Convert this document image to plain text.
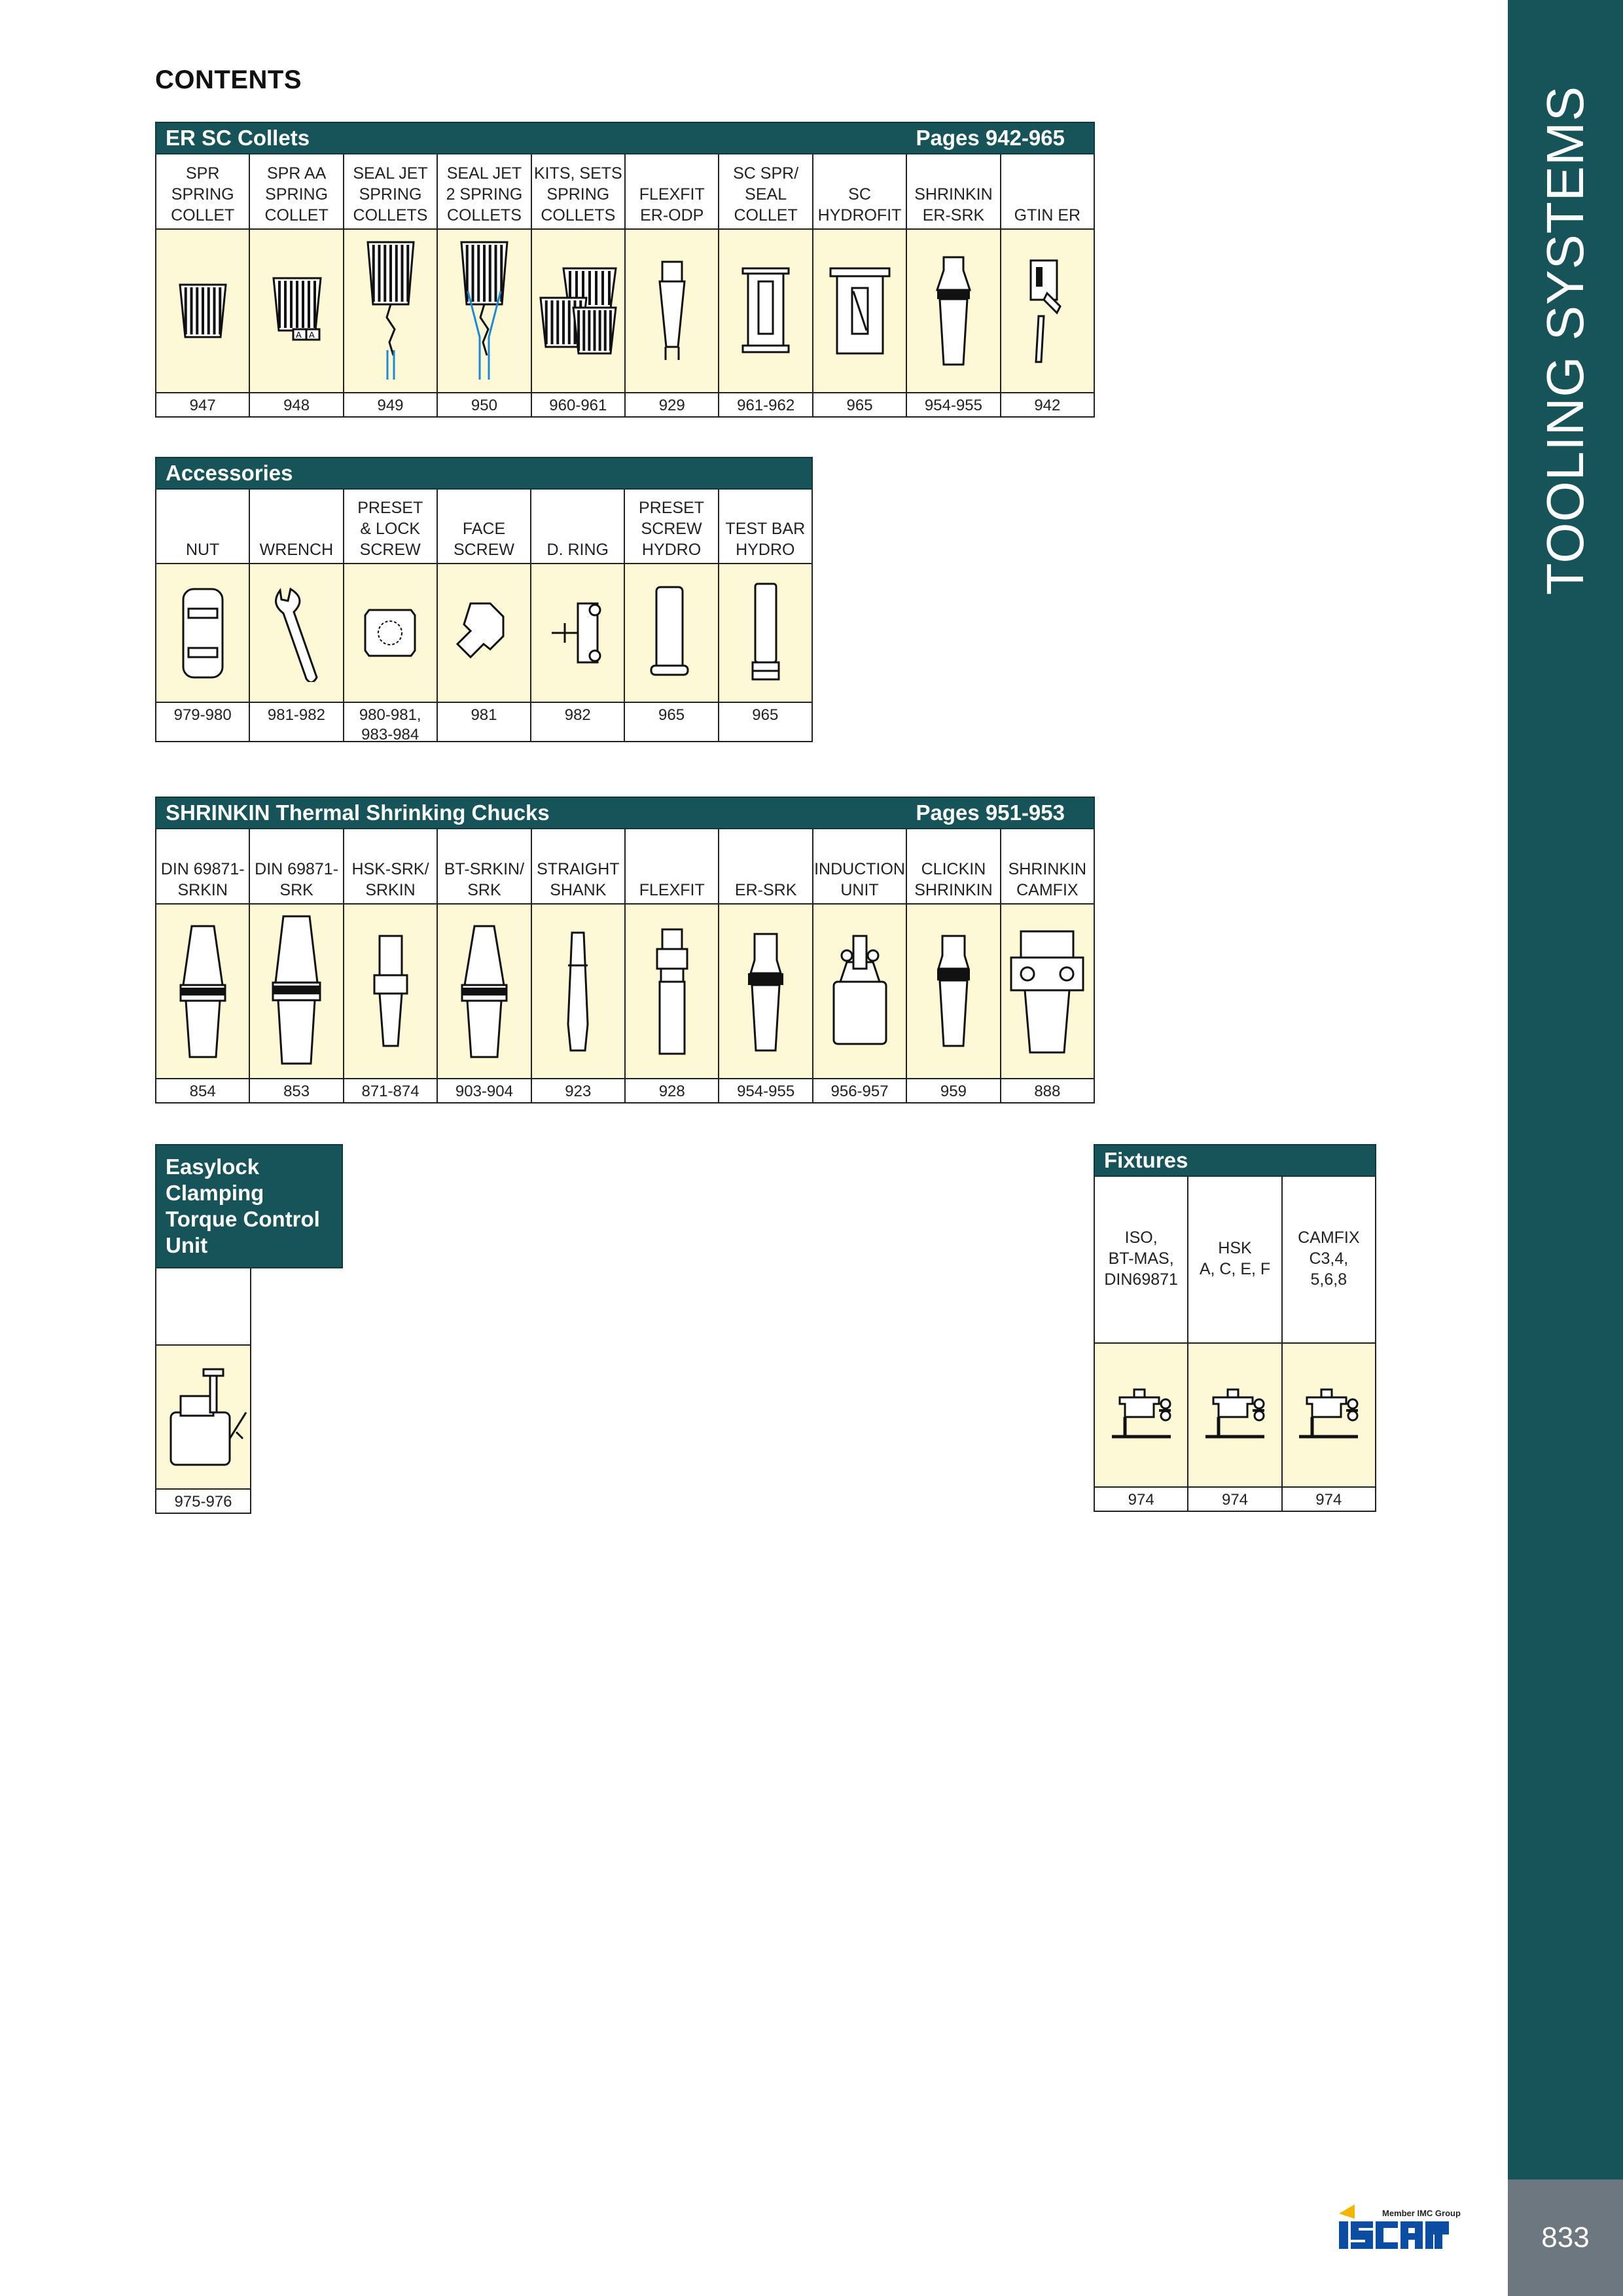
CONTENTS
ER SC Collets	Pages 942-965
SPR
SPRING
COLLET
947
SPR AA
SPRING
COLLET
A A
948
SEAL JET
SPRING
COLLETS
949
SEAL JET
2 SPRING
COLLETS
950
KITS, SETS
SPRING
COLLETS
960-961
FLEXFIT
ER-ODP
929
SC SPR/
SEAL
COLLET
961-962
SC
HYDROFIT
965
SHRINKIN
ER-SRK
954-955
GTIN ER
942
Accessories
NUT
979-980
WRENCH
981-982
PRESET
& LOCK
SCREW
980-981,
983-984
FACE
SCREW
981
D. RING
982
PRESET
SCREW
HYDRO
965
TEST BAR
HYDRO
965
SHRINKIN Thermal Shrinking Chucks	Pages 951-953
DIN 69871-
SRKIN
854
DIN 69871-
SRK
853
HSK-SRK/
SRKIN
871-874
BT-SRKIN/
SRK
903-904
STRAIGHT
SHANK
923
FLEXFIT
928
ER-SRK
954-955
INDUCTION
UNIT
956-957
CLICKIN
SHRINKIN
959
SHRINKIN
CAMFIX
888
Easylock
Clamping
Torque Control
Unit
975-976
Fixtures
ISO,
BT-MAS,
DIN69871
974
HSK
A, C, E, F
974
CAMFIX
C3,4,
5,6,8
974
TOOLING SYSTEMS
833
Member IMC Group
